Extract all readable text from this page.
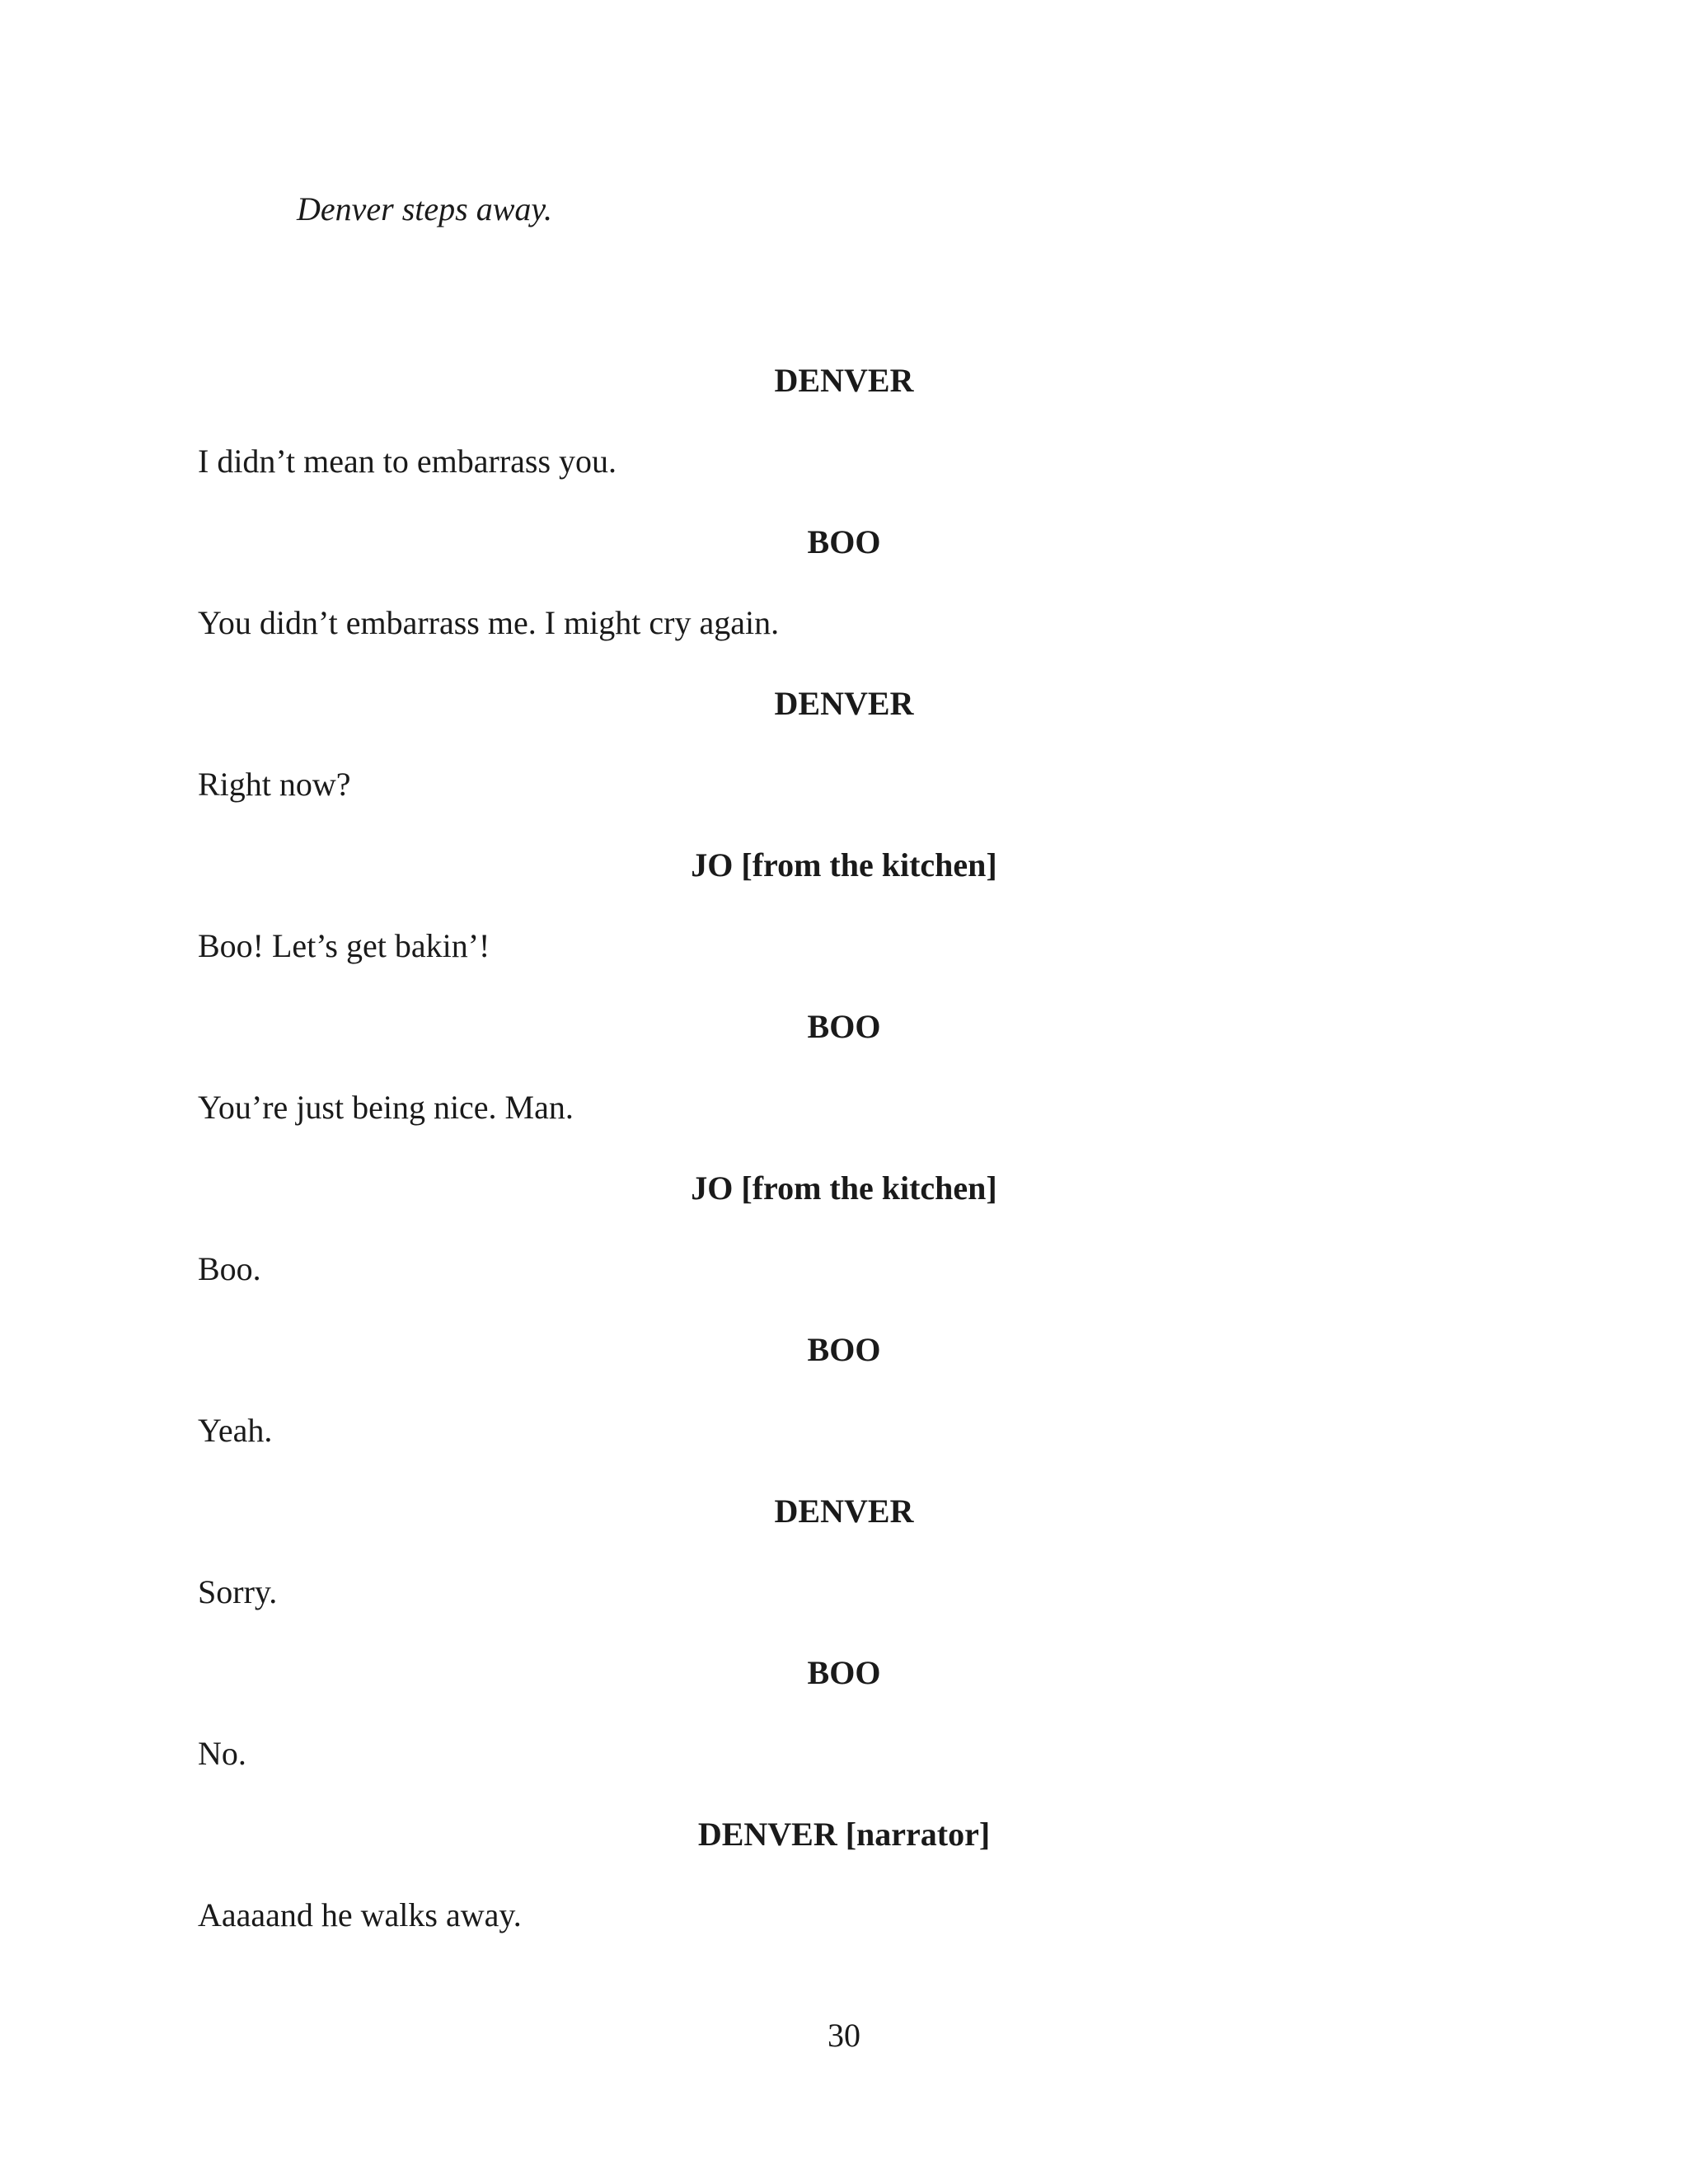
Denver steps away.
DENVER
I didn’t mean to embarrass you.
BOO
You didn’t embarrass me. I might cry again.
DENVER
Right now?
JO [from the kitchen]
Boo! Let’s get bakin’!
BOO
You’re just being nice. Man.
JO [from the kitchen]
Boo.
BOO
Yeah.
DENVER
Sorry.
BOO
No.
DENVER [narrator]
Aaaaand he walks away.
30
